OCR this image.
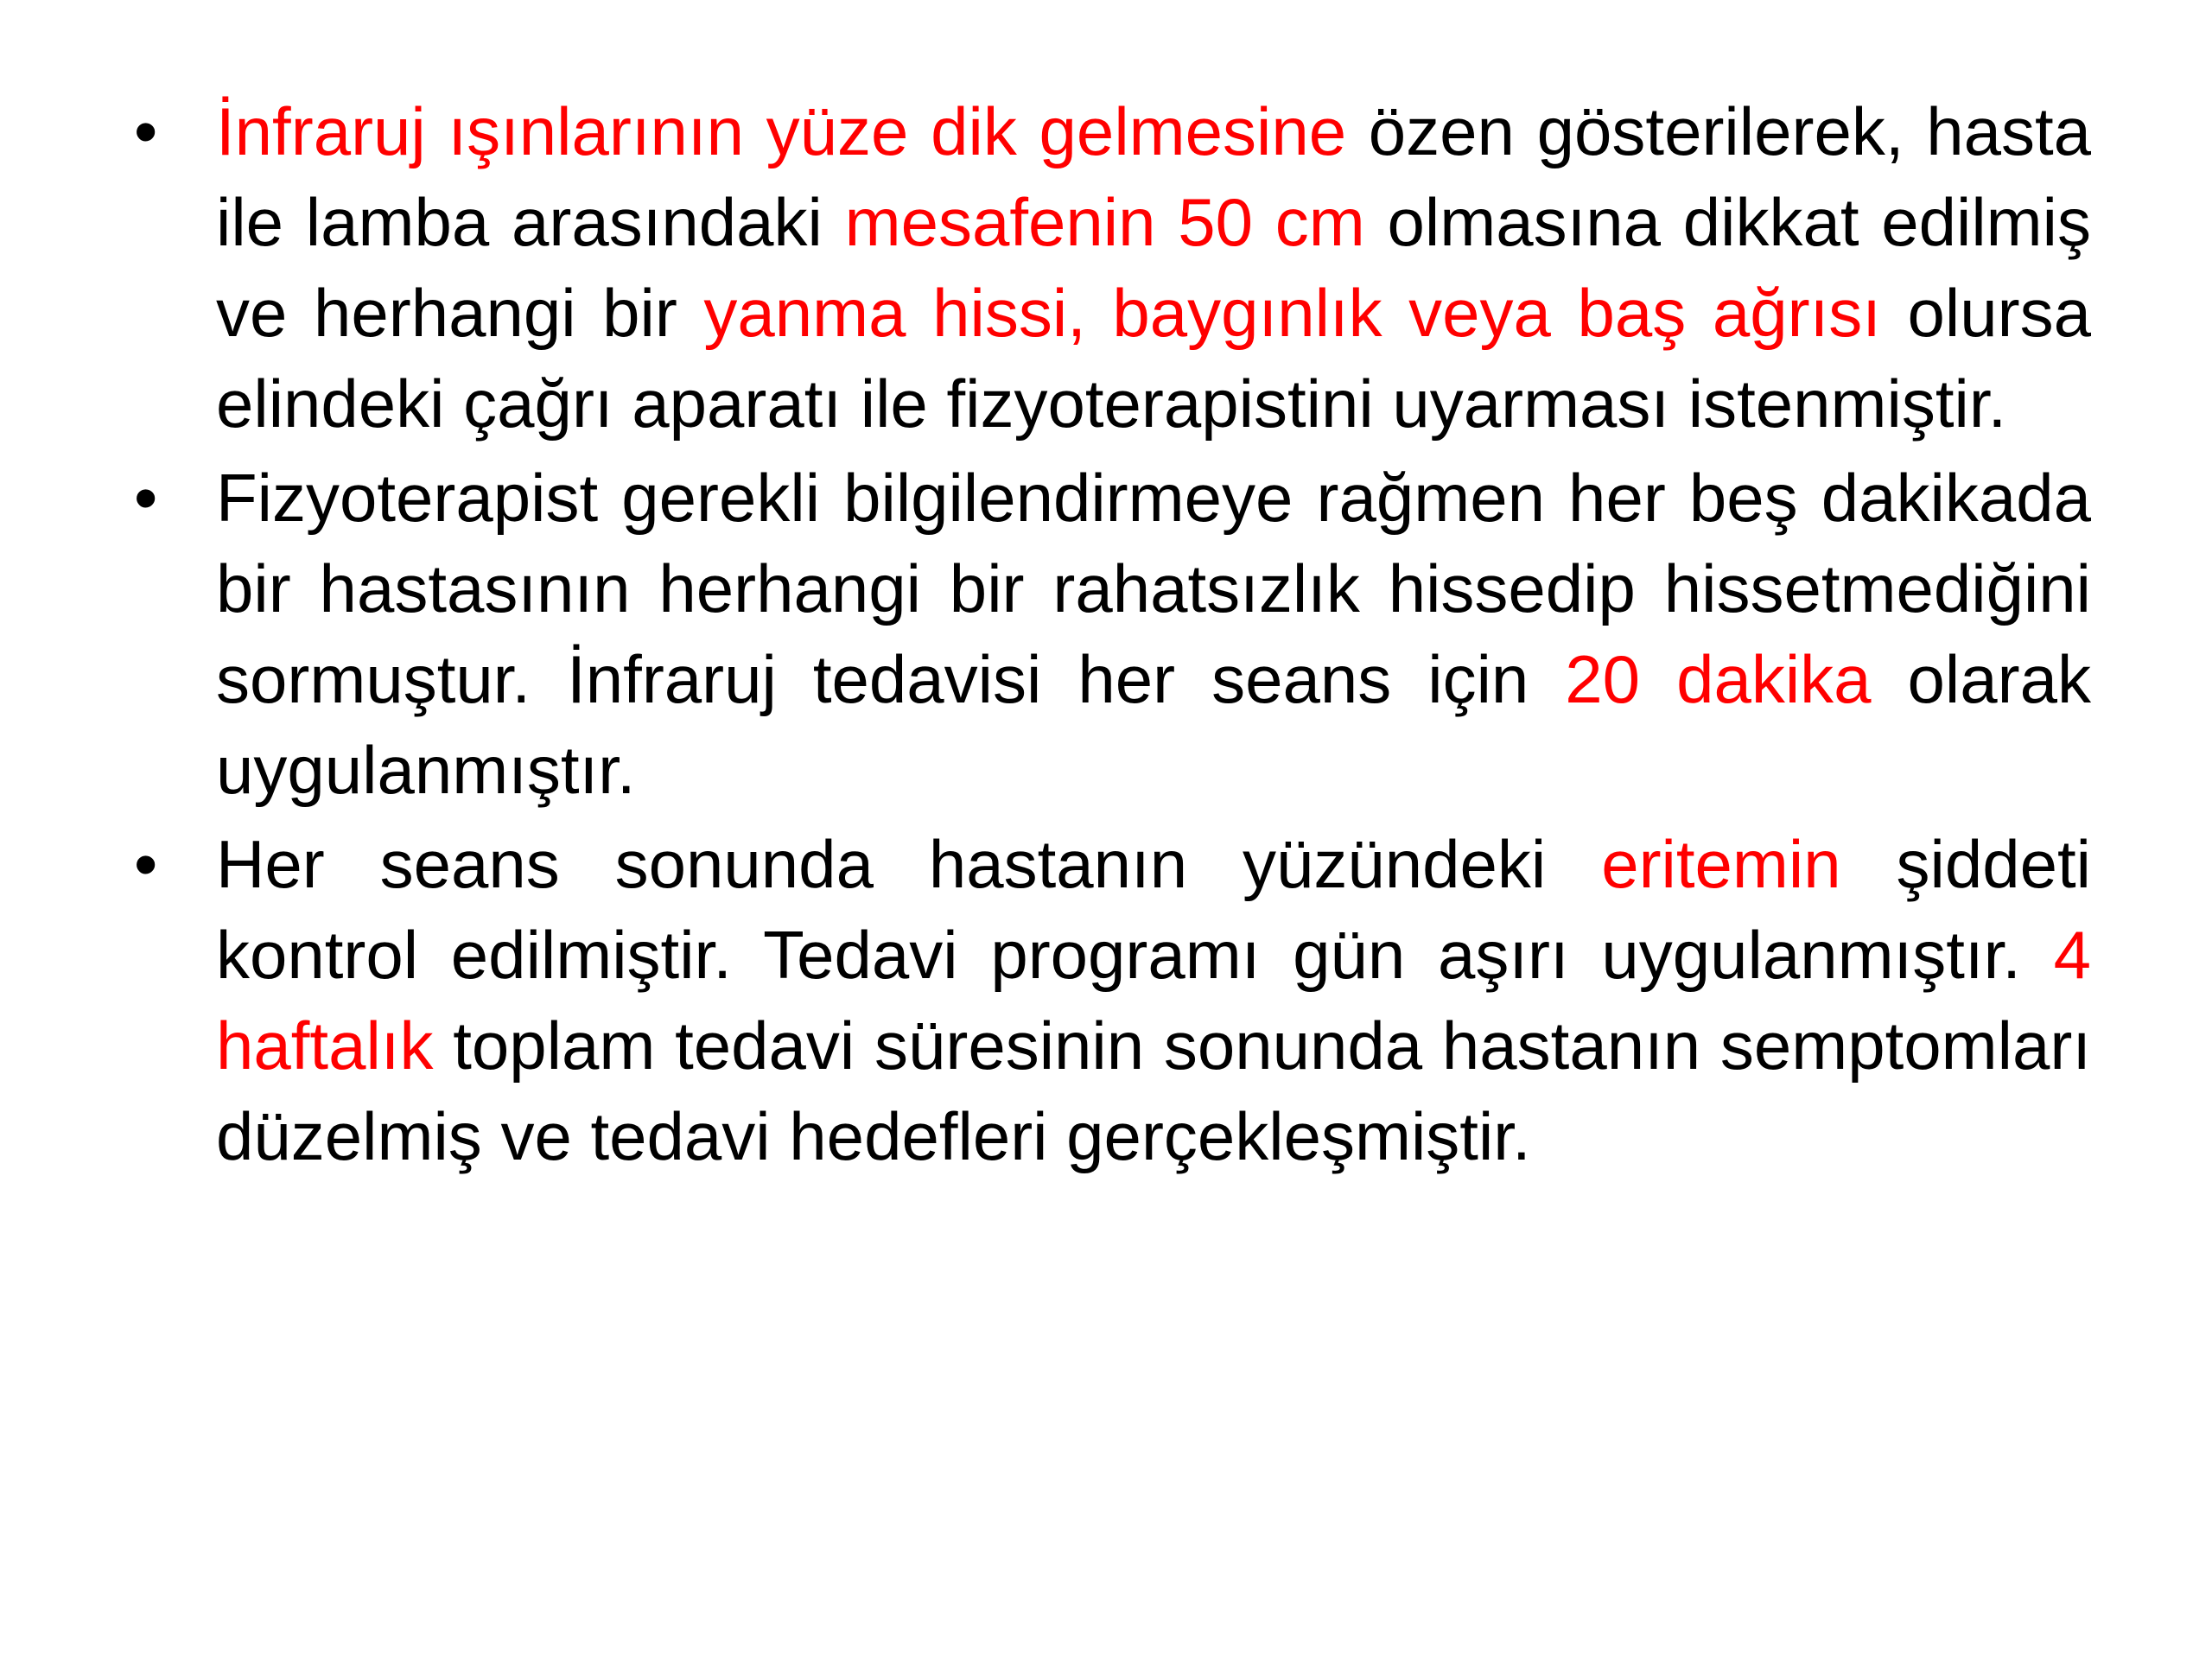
• İnfraruj ışınlarının yüze dik gelmesine özen gösterilerek, hasta ile lamba arasındaki mesafenin 50 cm olmasına dikkat edilmiş ve herhangi bir yanma hissi, baygınlık veya baş ağrısı olursa elindeki çağrı aparatı ile fizyoterapistini uyarması istenmiştir.
• Fizyoterapist gerekli bilgilendirmeye rağmen her beş dakikada bir hastasının herhangi bir rahatsızlık hissedip hissetmediğini sormuştur. İnfraruj tedavisi her seans için 20 dakika olarak uygulanmıştır.
• Her seans sonunda hastanın yüzündeki eritemin şiddeti kontrol edilmiştir. Tedavi programı gün aşırı uygulanmıştır. 4 haftalık toplam tedavi süresinin sonunda hastanın semptomları düzelmiş ve tedavi hedefleri gerçekleşmiştir.
